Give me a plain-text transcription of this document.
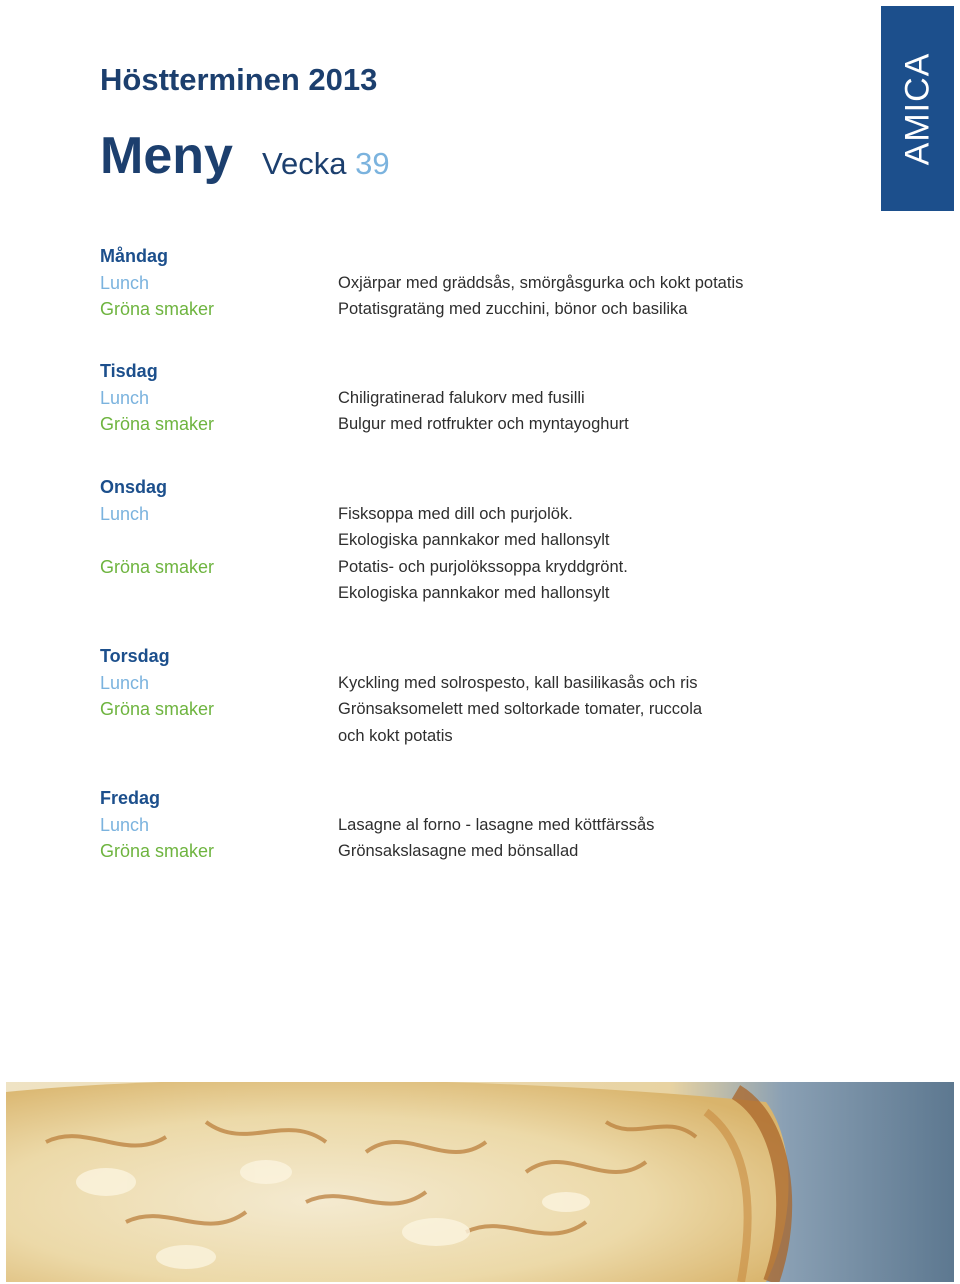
AMICA
Höstterminen 2013
Meny Vecka 39
Måndag
Lunch	Oxjärpar med gräddsås, smörgåsgurka och kokt potatis
Gröna smaker	Potatisgratäng med zucchini, bönor och basilika
Tisdag
Lunch	Chiligratinerad falukorv med fusilli
Gröna smaker	Bulgur med rotfrukter och myntayoghurt
Onsdag
Lunch	Fisksoppa med dill och purjolök.
Ekologiska pannkakor med hallonsylt
Gröna smaker	Potatis- och purjolökssoppa kryddgrönt.
Ekologiska pannkakor med hallonsylt
Torsdag
Lunch	Kyckling med solrospesto, kall basilikasås och ris
Gröna smaker	Grönsaksomelett med soltorkade tomater, ruccola
och kokt potatis
Fredag
Lunch	Lasagne al forno - lasagne med köttfärssås
Gröna smaker	Grönsakslasagne med bönsallad
